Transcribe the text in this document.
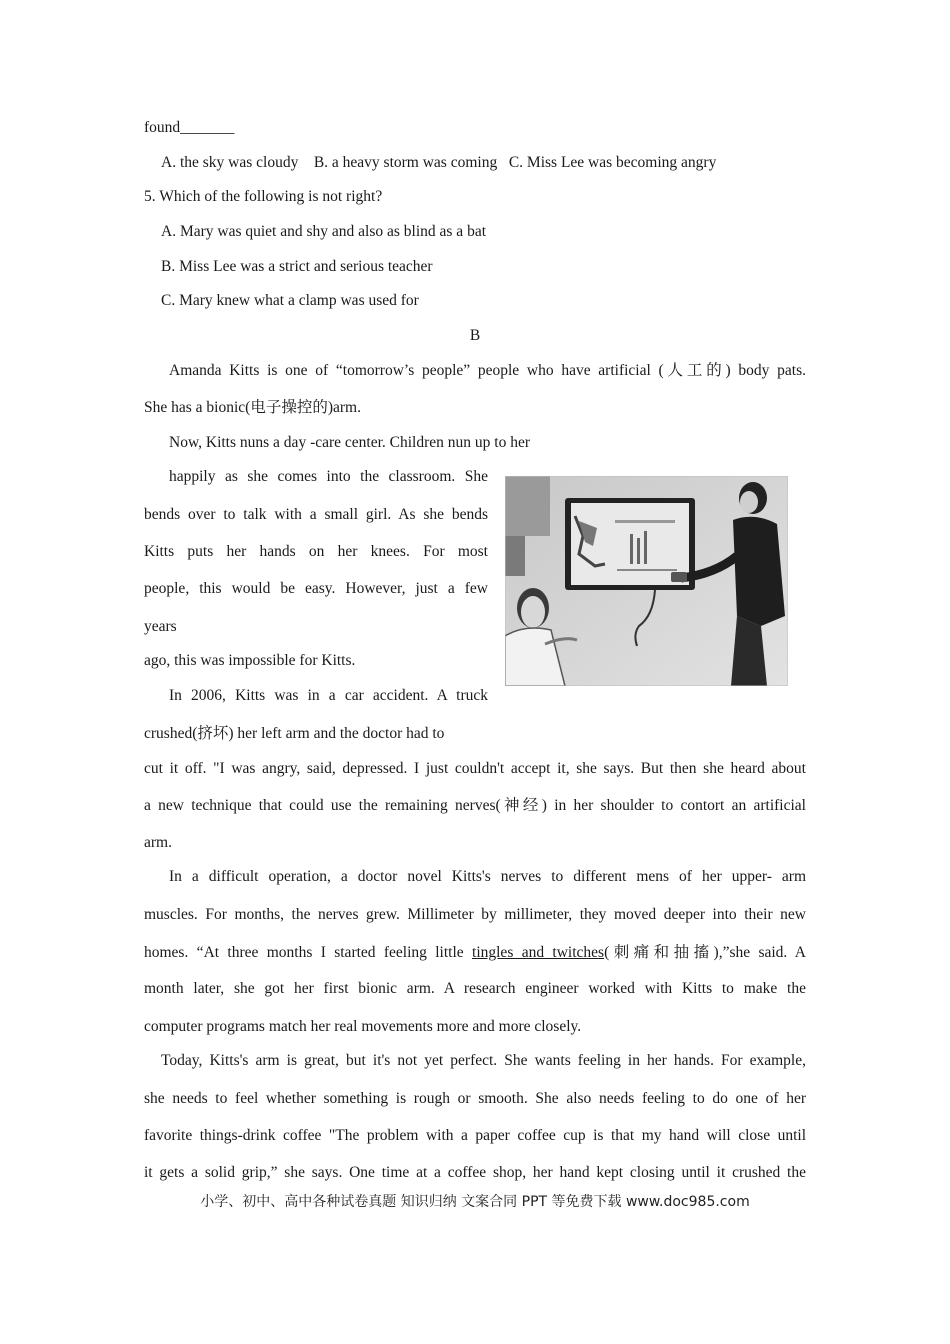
found_______
A. the sky was cloudy    B. a heavy storm was coming   C. Miss Lee was becoming angry
5. Which of the following is not right?
A. Mary was quiet and shy and also as blind as a bat
B. Miss Lee was a strict and serious teacher
C. Mary knew what a clamp was used for
B
Amanda Kitts is one of “tomorrow’s people” people who have artificial (人工的) body pats.
She has a bionic(电子操控的)arm.
Now, Kitts nuns a day -care center. Children nun up to her
happily as she comes into the classroom. She
bends over to talk with a small girl. As she bends
Kitts puts her hands on her knees. For most
people, this would be easy. However, just a few
years
ago, this was impossible for Kitts.
In 2006, Kitts was in a car accident. A truck
crushed(挤坏) her left arm and the doctor had to
cut it off. "I was angry, said, depressed. I just couldn't accept it, she says. But then she heard about
a new technique that could use the remaining nerves(神经) in her shoulder to contort an artificial
arm.
In a difficult operation, a doctor novel Kitts's nerves to different mens of her upper- arm
muscles. For months, the nerves grew. Millimeter by millimeter, they moved deeper into their new
homes. “At three months I started feeling little tingles and twitches(刺痛和抽搐),”she said. A
month later, she got her first bionic arm. A research engineer worked with Kitts to make the
computer programs match her real movements more and more closely.
Today, Kitts's arm is great, but it's not yet perfect. She wants feeling in her hands. For example,
she needs to feel whether something is rough or smooth. She also needs feeling to do one of her
favorite things-drink coffee "The problem with a paper coffee cup is that my hand will close until
it gets a solid grip,” she says. One time at a coffee shop, her hand kept closing until it crushed the
小学、初中、高中各种试卷真题 知识归纳 文案合同 PPT 等免费下载 www.doc985.com
